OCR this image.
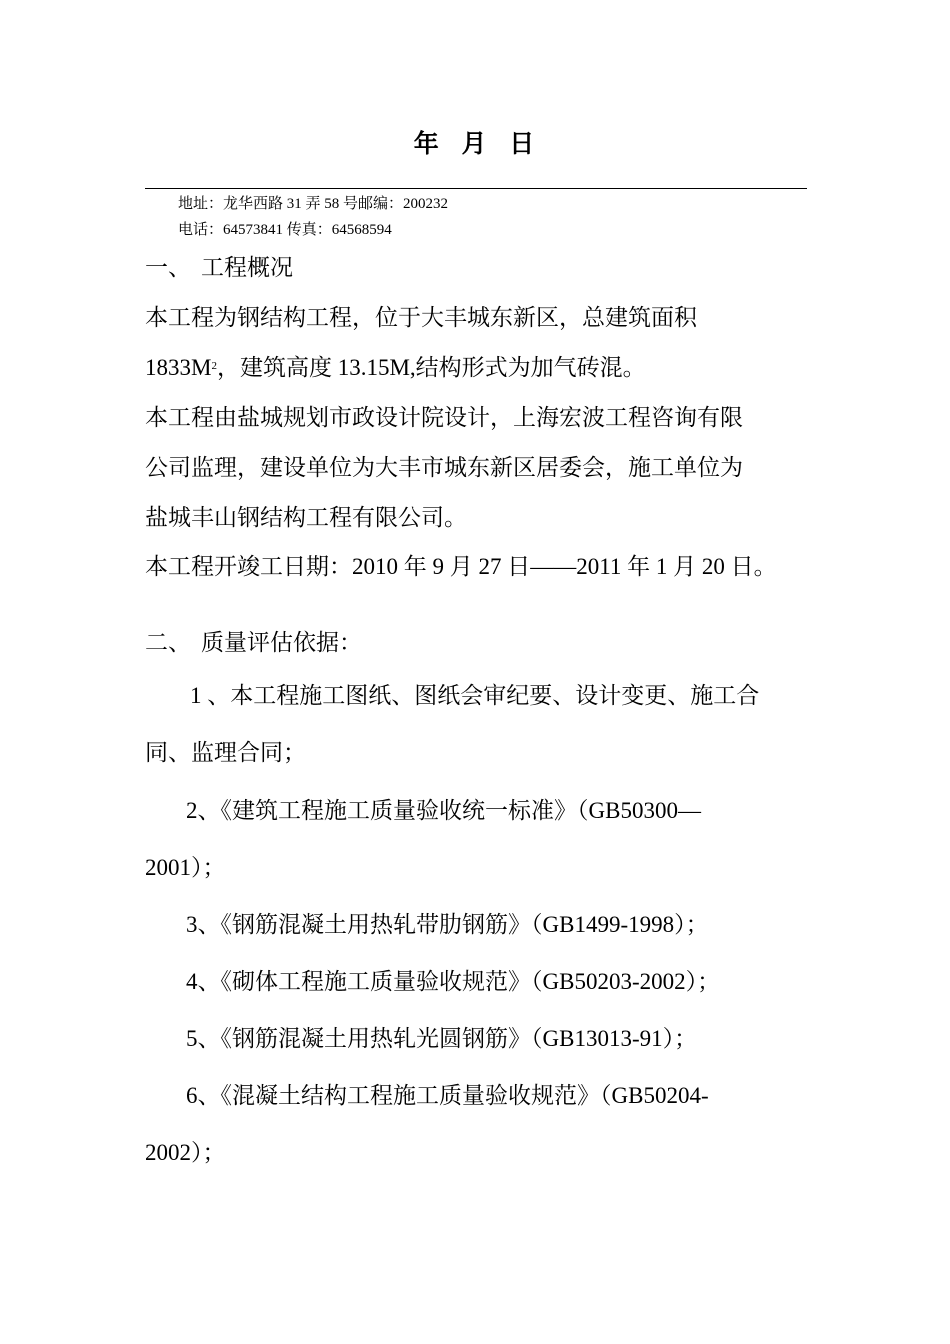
年 月 日
地址：龙华西路 31 弄 58 号邮编：200232
电话：64573841 传真：64568594
一、 工程概况
本工程为钢结构工程，位于大丰城东新区，总建筑面积
$1833M^2$，建筑高度 13.15M,结构形式为加气砖混。
本工程由盐城规划市政设计院设计，上海宏波工程咨询有限
公司监理，建设单位为大丰市城东新区居委会，施工单位为
盐城丰山钢结构工程有限公司。
本工程开竣工日期：2010 年 9 月 27 日——2011 年 1 月 20 日。
二、 质量评估依据：
1 、本工程施工图纸、图纸会审纪要、设计变更、施工合
同、监理合同；
2、《建筑工程施工质量验收统一标准》（GB50300—
2001）；
3、《钢筋混凝土用热轧带肋钢筋》（GB1499-1998）；
4、《砌体工程施工质量验收规范》（GB50203-2002）；
5、《钢筋混凝土用热轧光圆钢筋》（GB13013-91）；
6、《混凝土结构工程施工质量验收规范》（GB50204-
2002）；
